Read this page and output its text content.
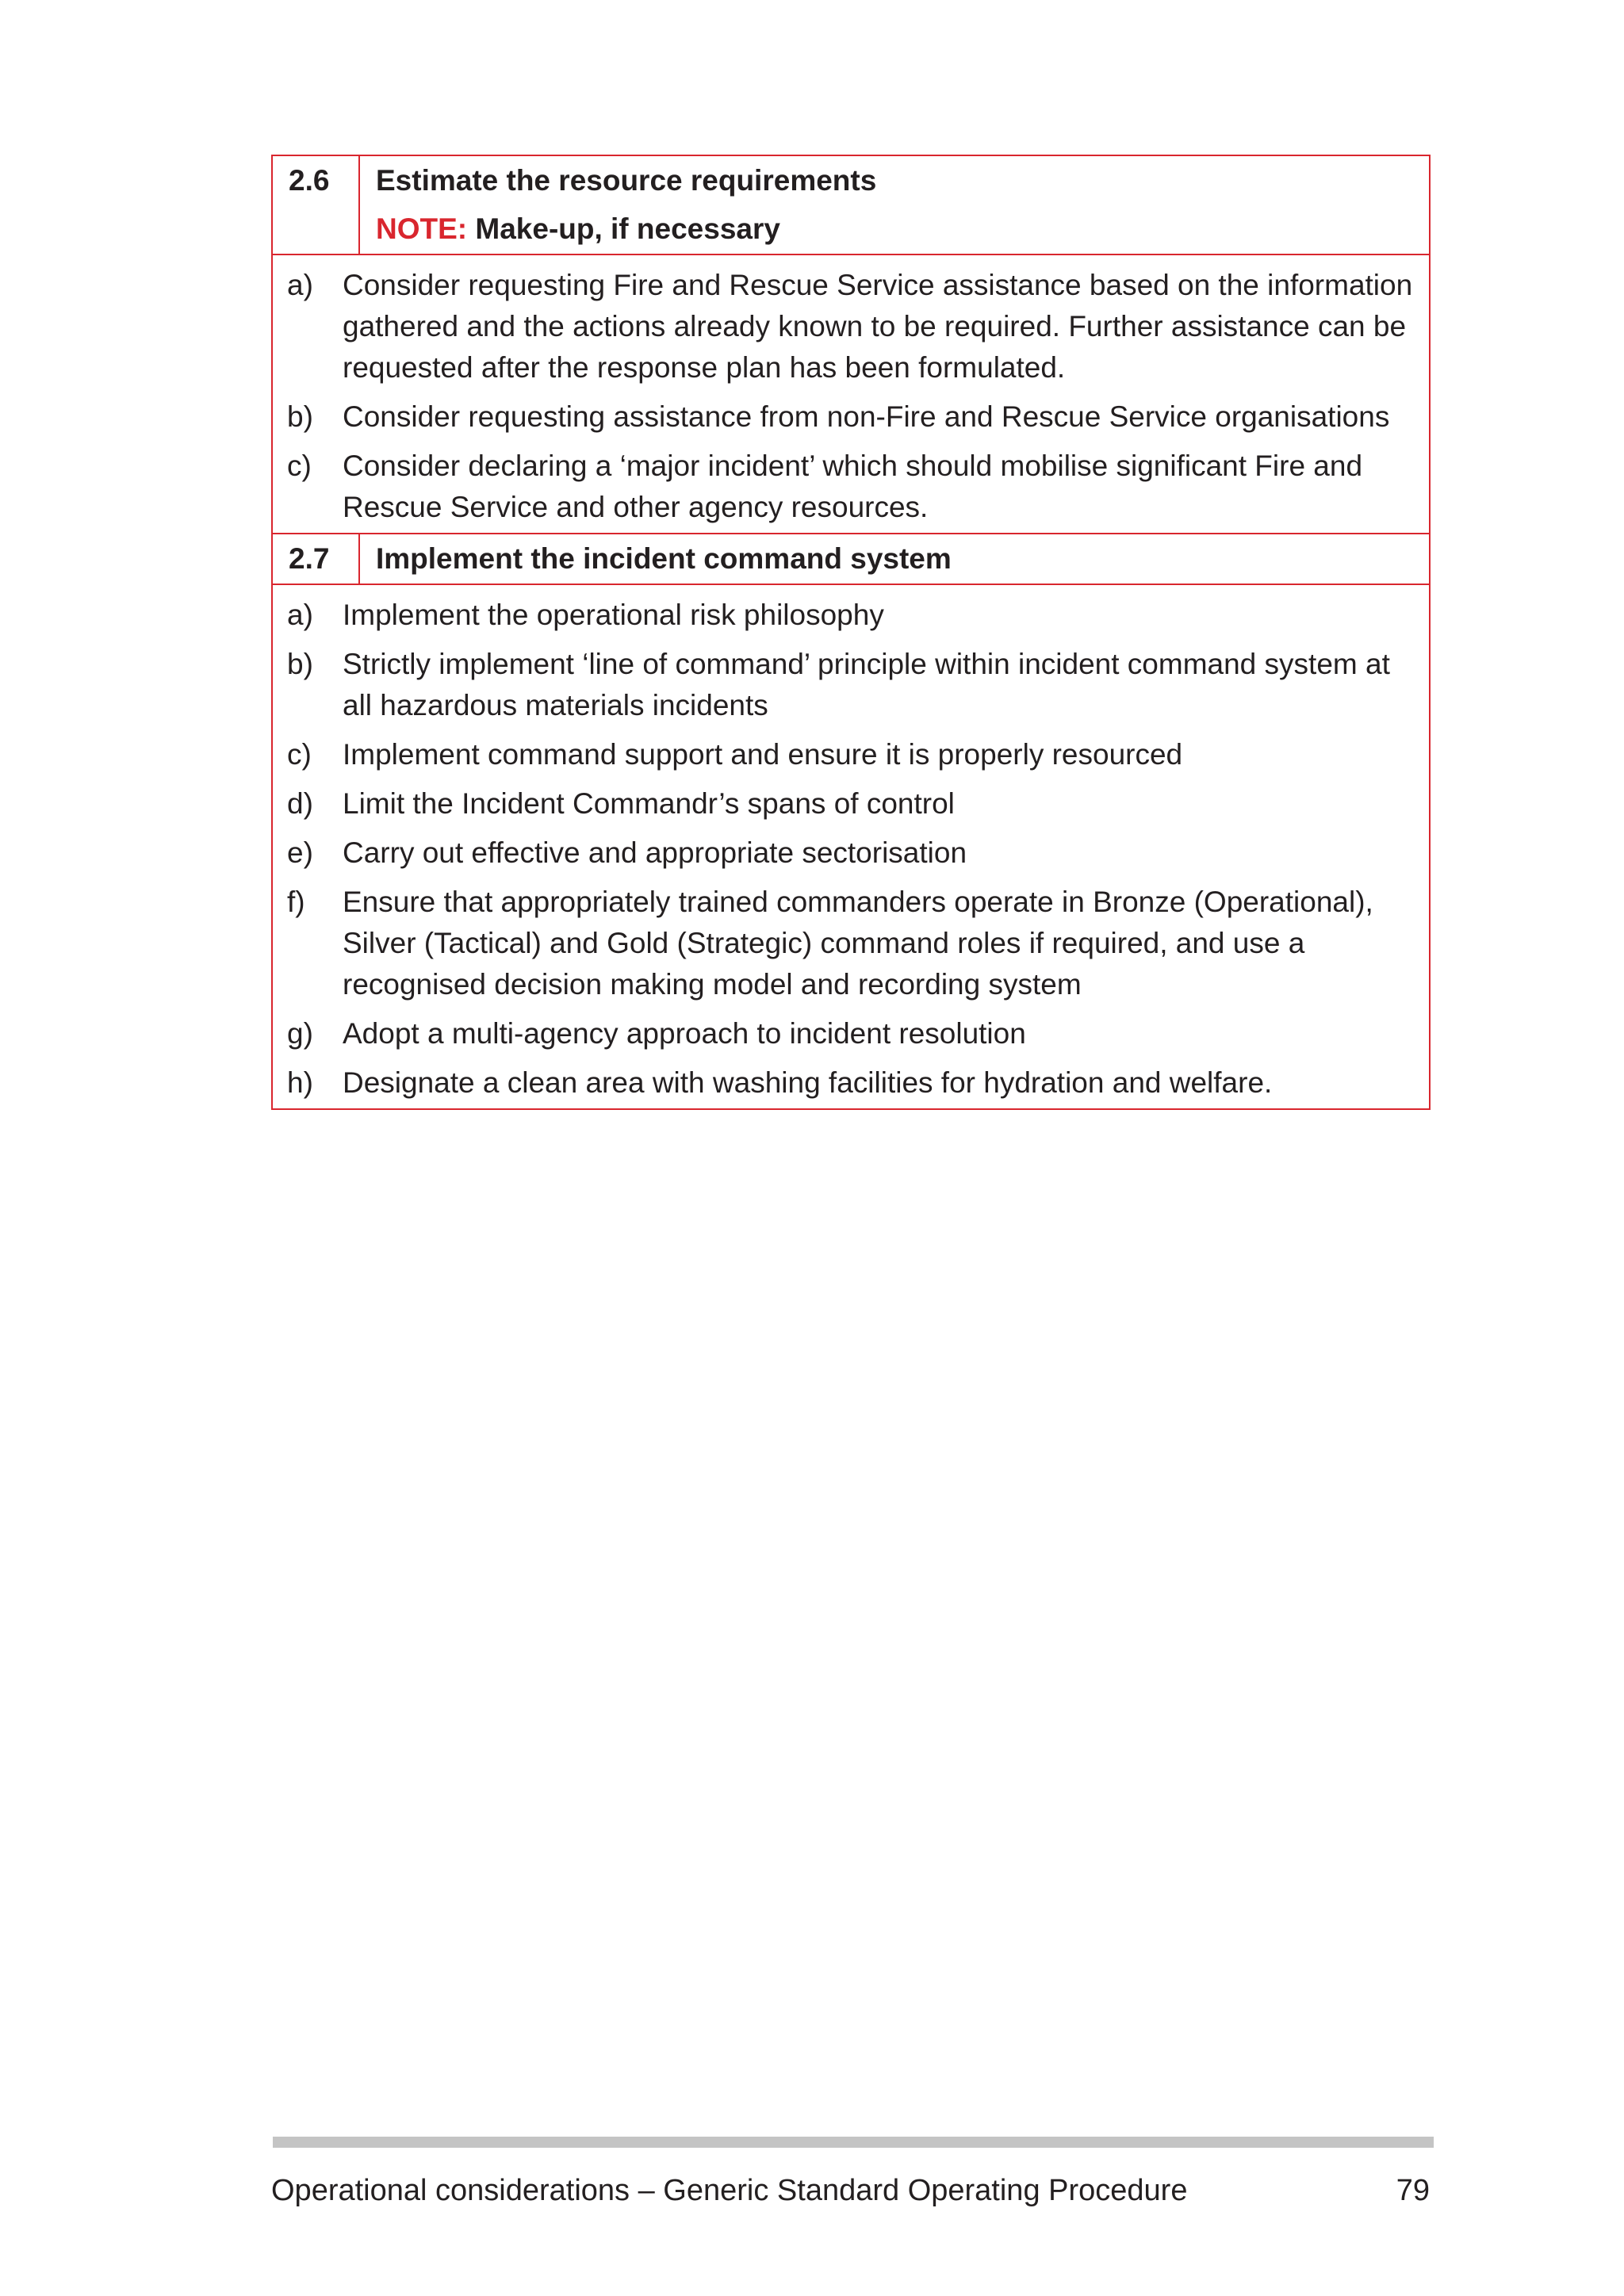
2.6	Estimate the resource requirements
NOTE: Make-up, if necessary
a)	Consider requesting Fire and Rescue Service assistance based on the information gathered and the actions already known to be required. Further assistance can be requested after the response plan has been formulated.
b)	Consider requesting assistance from non-Fire and Rescue Service organisations
c)	Consider declaring a ‘major incident’ which should mobilise significant Fire and Rescue Service and other agency resources.
2.7	Implement the incident command system
a)	Implement the operational risk philosophy
b)	Strictly implement ‘line of command’ principle within incident command system at all hazardous materials incidents
c)	Implement command support and ensure it is properly resourced
d)	Limit the Incident Commandr’s spans of control
e)	Carry out effective and appropriate sectorisation
f)	Ensure that appropriately trained commanders operate in Bronze (Operational), Silver (Tactical) and Gold (Strategic) command roles if required, and use a recognised decision making model and recording system
g)	Adopt a multi-agency approach to incident resolution
h)	Designate a clean area with washing facilities for hydration and welfare.
Operational considerations – Generic Standard Operating Procedure	79
